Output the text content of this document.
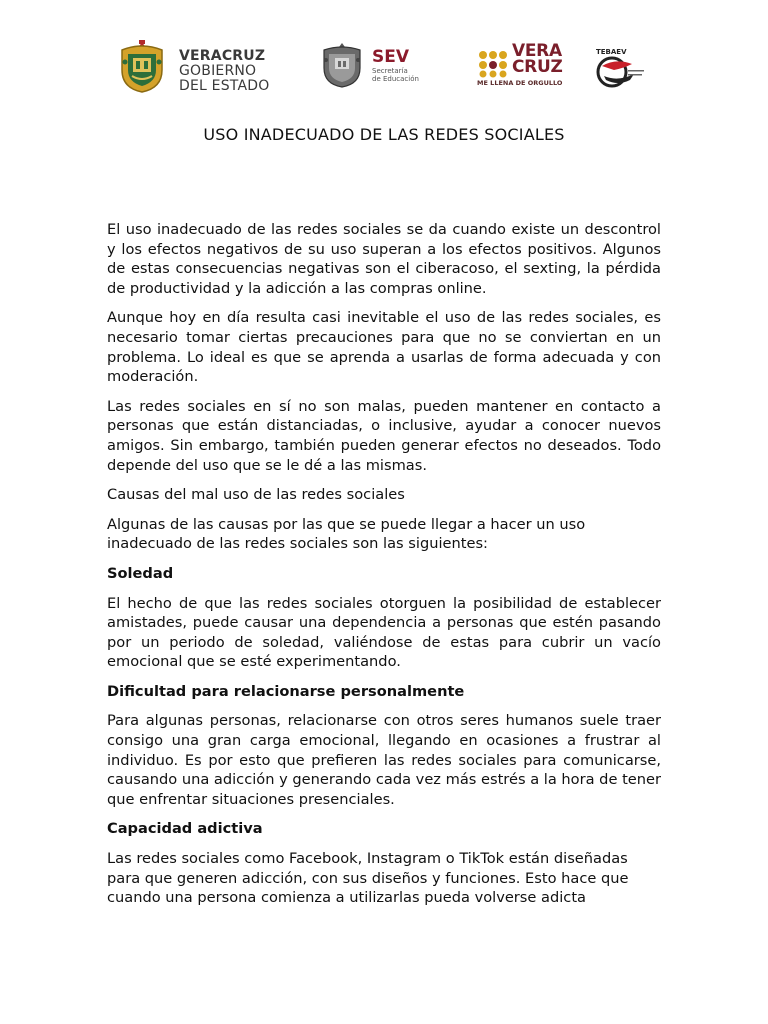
VERACRUZ
GOBIERNO
DEL ESTADO
SEV
Secretaría
de Educación
VERA
CRUZ
ME LLENA DE ORGULLO
TEBAEV
USO INADECUADO DE LAS REDES SOCIALES

El uso inadecuado de las redes sociales se da cuando existe un descontrol y los efectos negativos de su uso superan a los efectos positivos. Algunos de estas consecuencias negativas son el ciberacoso, el sexting, la pérdida de productividad y la adicción a las compras online.

Aunque hoy en día resulta casi inevitable el uso de las redes sociales, es necesario tomar ciertas precauciones para que no se conviertan en un problema. Lo ideal es que se aprenda a usarlas de forma adecuada y con moderación.

Las redes sociales en sí no son malas, pueden mantener en contacto a personas que están distanciadas, o inclusive, ayudar a conocer nuevos amigos. Sin embargo, también pueden generar efectos no deseados. Todo depende del uso que se le dé a las mismas.

Causas del mal uso de las redes sociales

Algunas de las causas por las que se puede llegar a hacer un uso inadecuado de las redes sociales son las siguientes:

Soledad

El hecho de que las redes sociales otorguen la posibilidad de establecer amistades, puede causar una dependencia a personas que estén pasando por un periodo de soledad, valiéndose de estas para cubrir un vacío emocional que se esté experimentando.

Dificultad para relacionarse personalmente

Para algunas personas, relacionarse con otros seres humanos suele traer consigo una gran carga emocional, llegando en ocasiones a frustrar al individuo. Es por esto que prefieren las redes sociales para comunicarse, causando una adicción y generando cada vez más estrés a la hora de tener que enfrentar situaciones presenciales.

Capacidad adictiva

Las redes sociales como Facebook, Instagram o TikTok están diseñadas para que generen adicción, con sus diseños y funciones. Esto hace que cuando una persona comienza a utilizarlas pueda volverse adicta
